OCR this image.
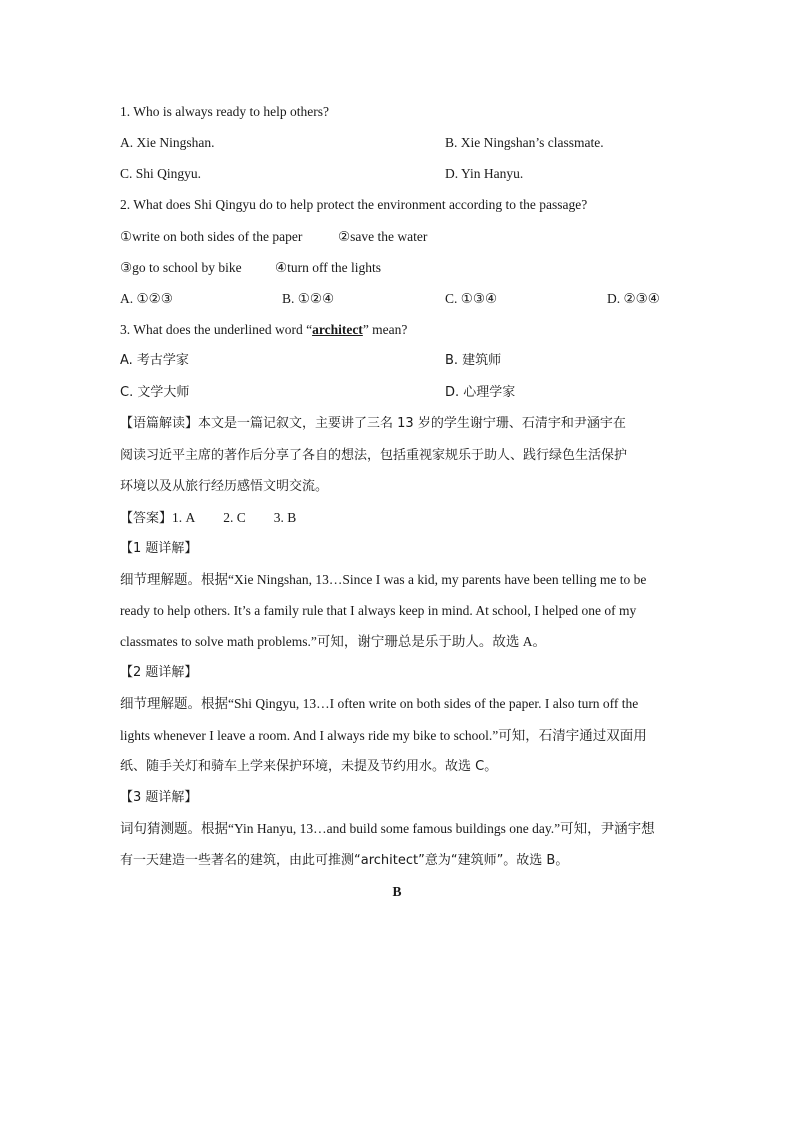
1. Who is always ready to help others?
A. Xie Ningshan.	B. Xie Ningshan’s classmate.
C. Shi Qingyu.	D. Yin Hanyu.
2. What does Shi Qingyu do to help protect the environment according to the passage?
①write on both sides of the paper	②save the water
③go to school by bike ④turn off the lights
A. ①②③	B. ①②④	C. ①③④	D. ②③④
3. What does the underlined word “architect” mean?
A. 考古学家	B. 建筑师
C. 文学大师	D. 心理学家
【语篇解读】本文是一篇记叙文，主要讲了三名 13 岁的学生谢宁珊、石清宇和尹涵宇在
阅读习近平主席的著作后分享了各自的想法，包括重视家规乐于助人、践行绿色生活保护
环境以及从旅行经历感悟文明交流。
【答案】1. A 2. C 3. B
【1 题详解】
细节理解题。根据“Xie Ningshan, 13…Since I was a kid, my parents have been telling me to be
ready to help others. It’s a family rule that I always keep in mind. At school, I helped one of my
classmates to solve math problems.”可知，谢宁珊总是乐于助人。故选 A。
【2 题详解】
细节理解题。根据“Shi Qingyu, 13…I often write on both sides of the paper. I also turn off the
lights whenever I leave a room. And I always ride my bike to school.”可知，石清宇通过双面用
纸、随手关灯和骑车上学来保护环境，未提及节约用水。故选 C。
【3 题详解】
词句猜测题。根据“Yin Hanyu, 13…and build some famous buildings one day.”可知，尹涵宇想
有一天建造一些著名的建筑，由此可推测“architect”意为“建筑师”。故选 B。
B
